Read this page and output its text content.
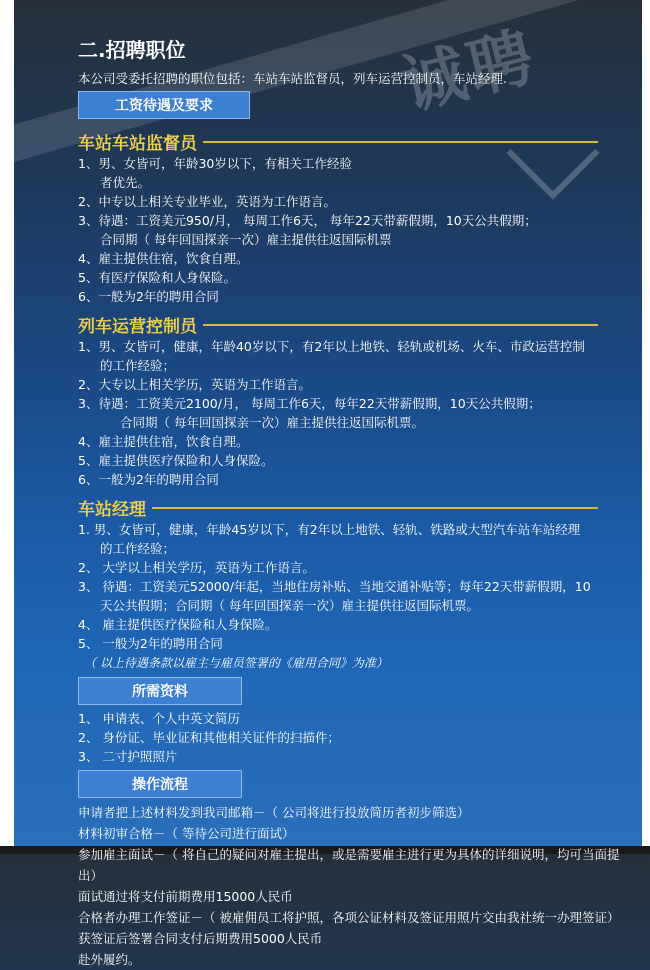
诚聘
二.招聘职位
本公司受委托招聘的职位包括：车站车站监督员，列车运营控制员，车站经理.
工资待遇及要求
车站车站监督员
1、男、女皆可，年龄30岁以下，有相关工作经验
者优先。
2、中专以上相关专业毕业，英语为工作语言。
3、待遇：工资美元950/月， 每周工作6天， 每年22天带薪假期，10天公共假期；
合同期（ 每年回国探亲一次）雇主提供往返国际机票
4、雇主提供住宿，饮食自理。
5、有医疗保险和人身保险。
6、一般为2年的聘用合同
列车运营控制员
1、男、女皆可，健康，年龄40岁以下，有2年以上地铁、轻轨或机场、火车、市政运营控制
的工作经验；
2、大专以上相关学历，英语为工作语言。
3、待遇：工资美元2100/月， 每周工作6天，每年22天带薪假期，10天公共假期；
合同期（ 每年回国探亲一次）雇主提供往返国际机票。
4、雇主提供住宿，饮食自理。
5、雇主提供医疗保险和人身保险。
6、一般为2年的聘用合同
车站经理
1. 男、女皆可，健康，年龄45岁以下，有2年以上地铁、轻轨、铁路或大型汽车站车站经理
的工作经验；
2、 大学以上相关学历，英语为工作语言。
3、 待遇：工资美元52000/年起，当地住房补贴、当地交通补贴等；每年22天带薪假期，10
天公共假期；合同期（ 每年回国探亲一次）雇主提供往返国际机票。
4、 雇主提供医疗保险和人身保险。
5、 一般为2年的聘用合同
（ 以上待遇条款以雇主与雇员签署的《雇用合同》为准）
所需资料
1、 申请表、个人中英文简历
2、 身份证、毕业证和其他相关证件的扫描件；
3、 二寸护照照片
操作流程
申请者把上述材料发到我司邮箱－（ 公司将进行投放简历者初步筛选）
材料初审合格－（ 等待公司进行面试）
参加雇主面试－（ 将自己的疑问对雇主提出，或是需要雇主进行更为具体的详细说明，均可当面提出）
面试通过将支付前期费用15000人民币
合格者办理工作签证－（ 被雇佣员工将护照，各项公证材料及签证用照片交由我社统一办理签证）
获签证后签署合同支付后期费用5000人民币
赴外履约。
